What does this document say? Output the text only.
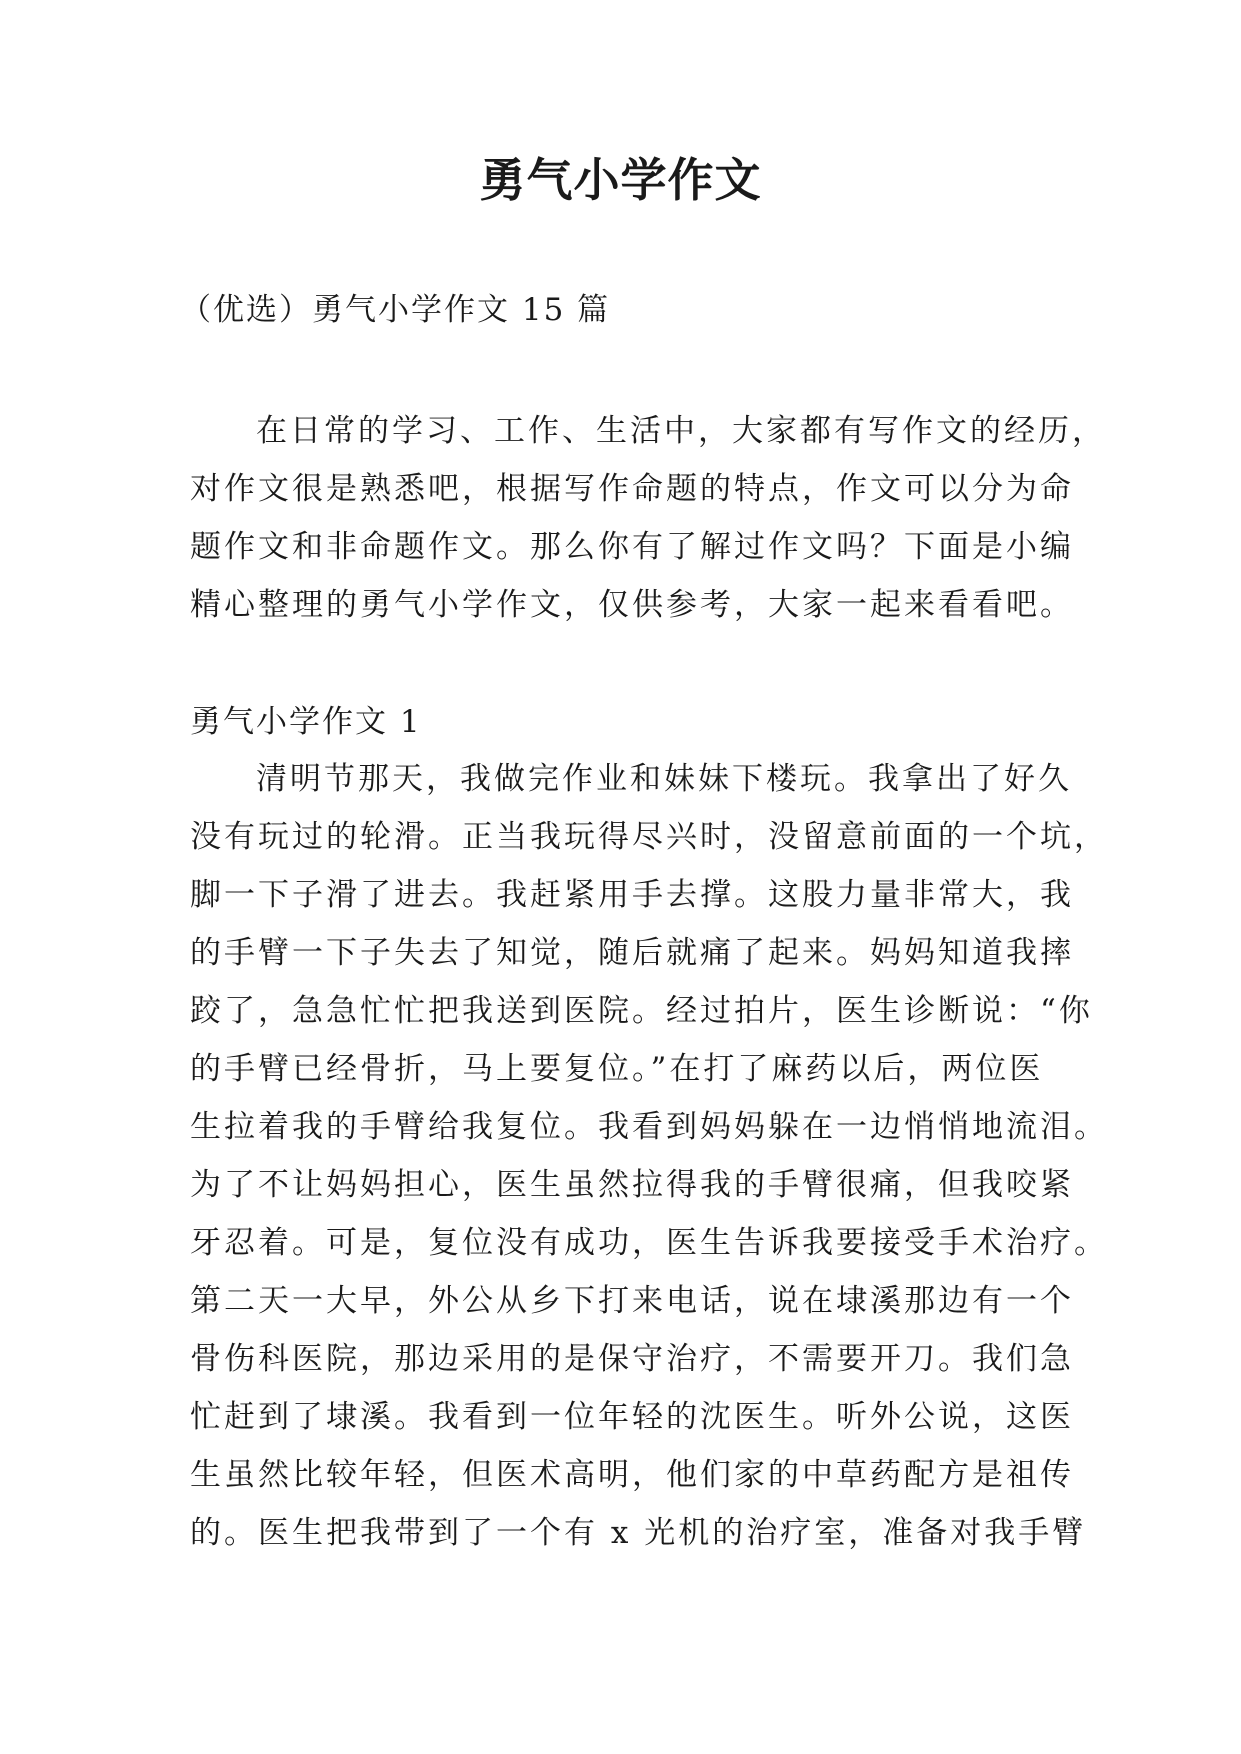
勇气小学作文

（优选）勇气小学作文 15 篇

在日常的学习、工作、生活中，大家都有写作文的经历，
对作文很是熟悉吧，根据写作命题的特点，作文可以分为命
题作文和非命题作文。那么你有了解过作文吗？下面是小编
精心整理的勇气小学作文，仅供参考，大家一起来看看吧。

勇气小学作文 1

清明节那天，我做完作业和妹妹下楼玩。我拿出了好久
没有玩过的轮滑。正当我玩得尽兴时，没留意前面的一个坑，
脚一下子滑了进去。我赶紧用手去撑。这股力量非常大，我
的手臂一下子失去了知觉，随后就痛了起来。妈妈知道我摔
跤了，急急忙忙把我送到医院。经过拍片，医生诊断说：“你
的手臂已经骨折，马上要复位。”在打了麻药以后，两位医
生拉着我的手臂给我复位。我看到妈妈躲在一边悄悄地流泪。
为了不让妈妈担心，医生虽然拉得我的手臂很痛，但我咬紧
牙忍着。可是，复位没有成功，医生告诉我要接受手术治疗。
第二天一大早，外公从乡下打来电话，说在埭溪那边有一个
骨伤科医院，那边采用的是保守治疗，不需要开刀。我们急
忙赶到了埭溪。我看到一位年轻的沈医生。听外公说，这医
生虽然比较年轻，但医术高明，他们家的中草药配方是祖传
的。医生把我带到了一个有 x 光机的治疗室，准备对我手臂
